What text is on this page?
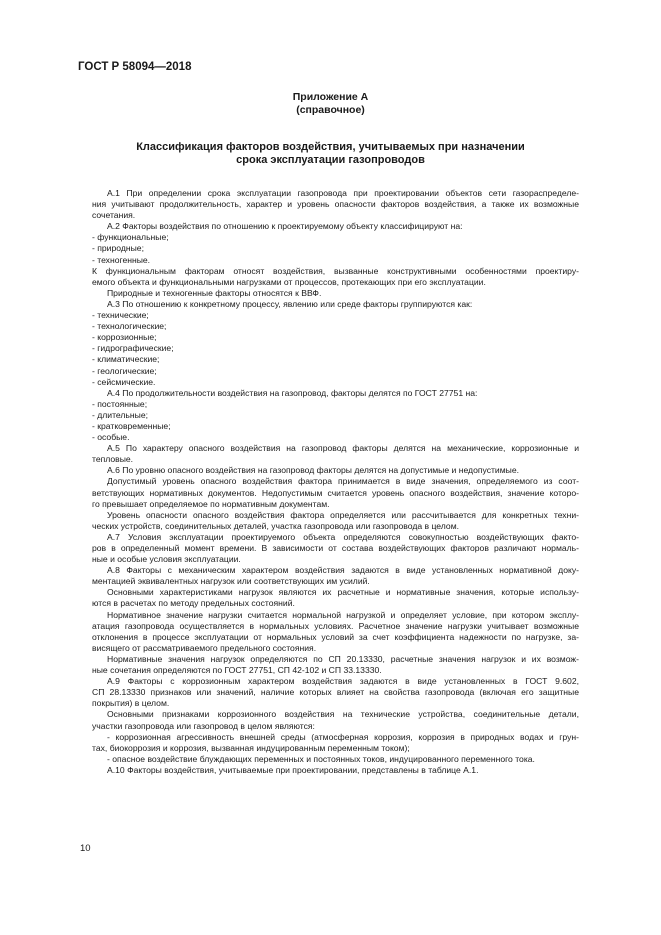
ГОСТ Р 58094—2018
Приложение А
(справочное)
Классификация факторов воздействия, учитываемых при назначении
срока эксплуатации газопроводов
А.1 При определении срока эксплуатации газопровода при проектировании объектов сети газораспределе-
ния учитывают продолжительность, характер и уровень опасности факторов воздействия, а также их возможные
сочетания.
А.2 Факторы воздействия по отношению к проектируемому объекту классифицируют на:
- функциональные;
- природные;
- техногенные.
К функциональным факторам относят воздействия, вызванные конструктивными особенностями проектиру-
емого объекта и функциональными нагрузками от процессов, протекающих при его эксплуатации.
Природные и техногенные факторы относятся к ВВФ.
А.3 По отношению к конкретному процессу, явлению или среде факторы группируются как:
- технические;
- технологические;
- коррозионные;
- гидрографические;
- климатические;
- геологические;
- сейсмические.
А.4 По продолжительности воздействия на газопровод, факторы делятся по ГОСТ 27751 на:
- постоянные;
- длительные;
- кратковременные;
- особые.
А.5 По характеру опасного воздействия на газопровод факторы делятся на механические, коррозионные и
тепловые.
А.6 По уровню опасного воздействия на газопровод факторы делятся на допустимые и недопустимые.
Допустимый уровень опасного воздействия фактора принимается в виде значения, определяемого из соот-
ветствующих нормативных документов. Недопустимым считается уровень опасного воздействия, значение которо-
го превышает определяемое по нормативным документам.
Уровень опасности опасного воздействия фактора определяется или рассчитывается для конкретных техни-
ческих устройств, соединительных деталей, участка газопровода или газопровода в целом.
А.7 Условия эксплуатации проектируемого объекта определяются совокупностью воздействующих факто-
ров в определенный момент времени. В зависимости от состава воздействующих факторов различают нормаль-
ные и особые условия эксплуатации.
А.8 Факторы с механическим характером воздействия задаются в виде установленных нормативной доку-
ментацией эквивалентных нагрузок или соответствующих им усилий.
Основными характеристиками нагрузок являются их расчетные и нормативные значения, которые использу-
ются в расчетах по методу предельных состояний.
Нормативное значение нагрузки считается нормальной нагрузкой и определяет условие, при котором эксплу-
атация газопровода осуществляется в нормальных условиях. Расчетное значение нагрузки учитывает возможные
отклонения в процессе эксплуатации от нормальных условий за счет коэффициента надежности по нагрузке, за-
висящего от рассматриваемого предельного состояния.
Нормативные значения нагрузок определяются по СП 20.13330, расчетные значения нагрузок и их возмож-
ные сочетания определяются по ГОСТ 27751, СП 42-102 и СП 33.13330.
А.9 Факторы с коррозионным характером воздействия задаются в виде установленных в ГОСТ 9.602,
СП 28.13330 признаков или значений, наличие которых влияет на свойства газопровода (включая его защитные
покрытия) в целом.
Основными признаками коррозионного воздействия на технические устройства, соединительные детали,
участки газопровода или газопровод в целом являются:
- коррозионная агрессивность внешней среды (атмосферная коррозия, коррозия в природных водах и грун-
тах, биокоррозия и коррозия, вызванная индуцированным переменным током);
- опасное воздействие блуждающих переменных и постоянных токов, индуцированного переменного тока.
А.10 Факторы воздействия, учитываемые при проектировании, представлены в таблице А.1.
10
